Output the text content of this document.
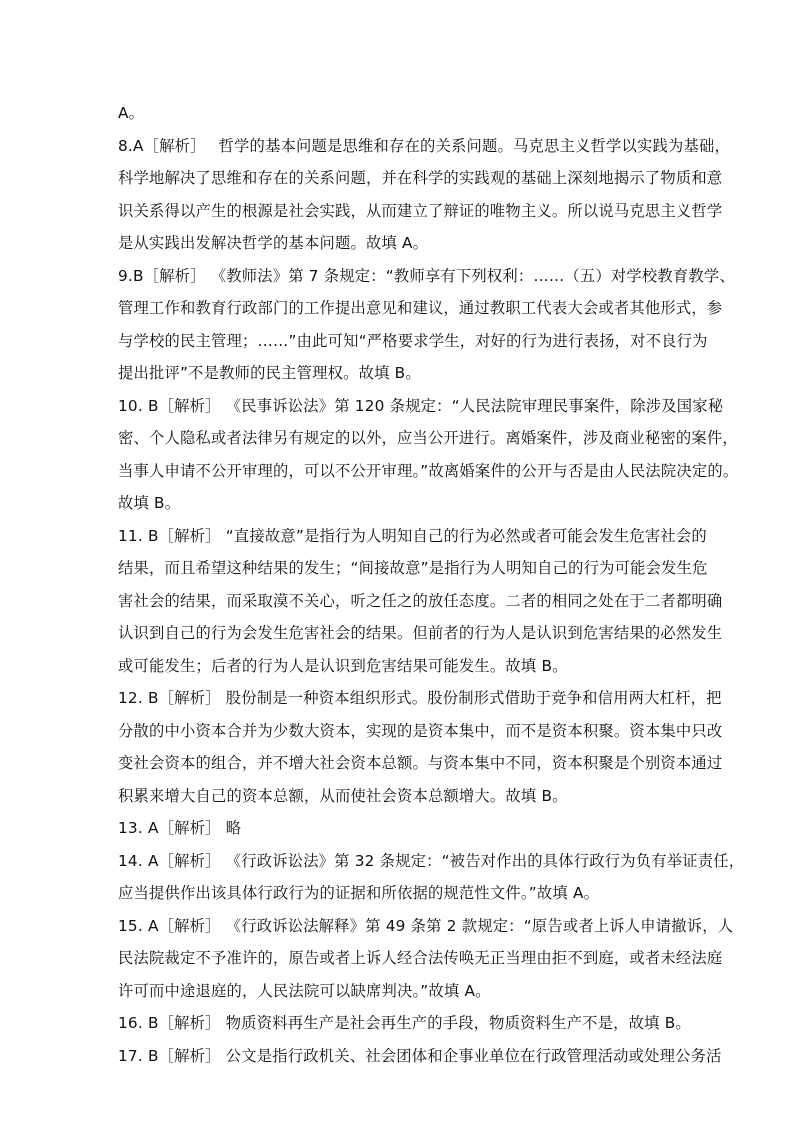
A。
8.A［解析］　 哲学的基本问题是思维和存在的关系问题。马克思主义哲学以实践为基础，
科学地解决了思维和存在的关系问题，并在科学的实践观的基础上深刻地揭示了物质和意
识关系得以产生的根源是社会实践，从而建立了辩证的唯物主义。所以说马克思主义哲学
是从实践出发解决哲学的基本问题。故填 A。
9.B［解析］ 《教师法》第 7 条规定：“教师享有下列权利：……（五）对学校教育教学、
管理工作和教育行政部门的工作提出意见和建议，通过教职工代表大会或者其他形式，参
与学校的民主管理；……”由此可知“严格要求学生，对好的行为进行表扬，对不良行为
提出批评”不是教师的民主管理权。故填 B。
10. B［解析］ 《民事诉讼法》第 120 条规定：“人民法院审理民事案件，除涉及国家秘
密、个人隐私或者法律另有规定的以外，应当公开进行。离婚案件，涉及商业秘密的案件，
当事人申请不公开审理的，可以不公开审理。”故离婚案件的公开与否是由人民法院决定的。
故填 B。
11. B［解析］ “直接故意”是指行为人明知自己的行为必然或者可能会发生危害社会的
结果，而且希望这种结果的发生；“间接故意”是指行为人明知自己的行为可能会发生危
害社会的结果，而采取漠不关心，听之任之的放任态度。二者的相同之处在于二者都明确
认识到自己的行为会发生危害社会的结果。但前者的行为人是认识到危害结果的必然发生
或可能发生；后者的行为人是认识到危害结果可能发生。故填 B。
12. B［解析］ 股份制是一种资本组织形式。股份制形式借助于竞争和信用两大杠杆，把
分散的中小资本合并为少数大资本，实现的是资本集中，而不是资本积聚。资本集中只改
变社会资本的组合，并不增大社会资本总额。与资本集中不同，资本积聚是个别资本通过
积累来增大自己的资本总额，从而使社会资本总额增大。故填 B。
13. A［解析］ 略
14. A［解析］ 《行政诉讼法》第 32 条规定：“被告对作出的具体行政行为负有举证责任，
应当提供作出该具体行政行为的证据和所依据的规范性文件。”故填 A。
15. A［解析］ 《行政诉讼法解释》第 49 条第 2 款规定：“原告或者上诉人申请撤诉，人
民法院裁定不予准许的，原告或者上诉人经合法传唤无正当理由拒不到庭，或者未经法庭
许可而中途退庭的，人民法院可以缺席判决。”故填 A。
16. B［解析］ 物质资料再生产是社会再生产的手段，物质资料生产不是，故填 B。
17. B［解析］ 公文是指行政机关、社会团体和企事业单位在行政管理活动或处理公务活
